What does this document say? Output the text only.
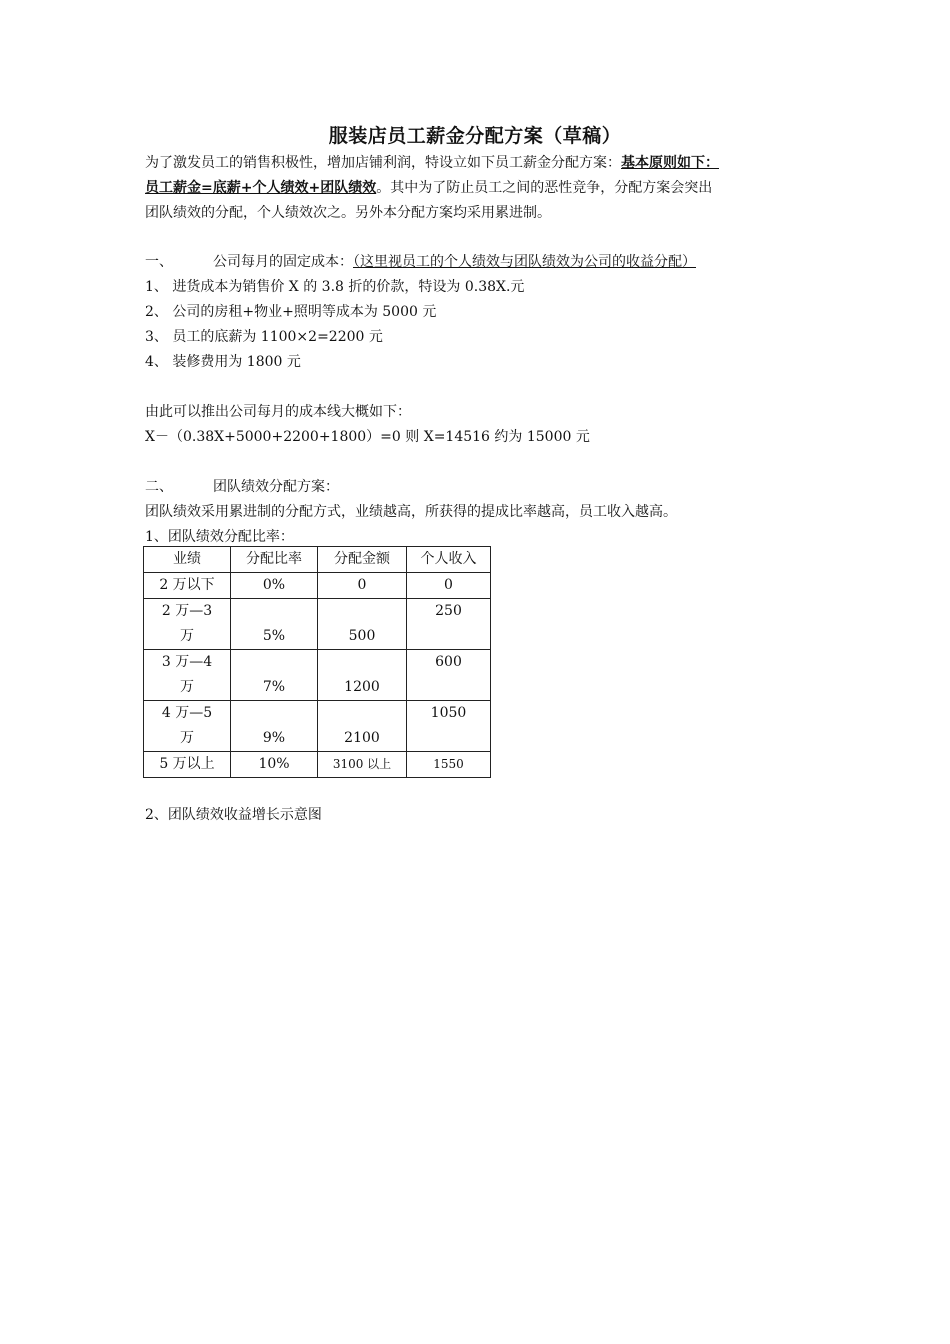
服装店员工薪金分配方案（草稿）
为了激发员工的销售积极性，增加店铺利润，特设立如下员工薪金分配方案：基本原则如下：
员工薪金=底薪+个人绩效+团队绩效。其中为了防止员工之间的恶性竞争，分配方案会突出
团队绩效的分配，个人绩效次之。另外本分配方案均采用累进制。
一、	公司每月的固定成本：（这里视员工的个人绩效与团队绩效为公司的收益分配）
1、 进货成本为销售价 X 的 3.8 折的价款，特设为 0.38X.元
2、 公司的房租+物业+照明等成本为 5000 元
3、 员工的底薪为 1100×2=2200 元
4、 装修费用为 1800 元
由此可以推出公司每月的成本线大概如下：
X－（0.38X+5000+2200+1800）=0 则 X=14516 约为 15000 元
二、	团队绩效分配方案：
团队绩效采用累进制的分配方式，业绩越高，所获得的提成比率越高，员工收入越高。
1、团队绩效分配比率：
业绩	分配比率	分配金额	个人收入
2 万以下	0%	0	0

2 万—3
万	5%	500	250

3 万—4
万	7%	1200	600

4 万—5
万	9%	2100	1050

5 万以上	10%	3100 以上	1550
2、团队绩效收益增长示意图
